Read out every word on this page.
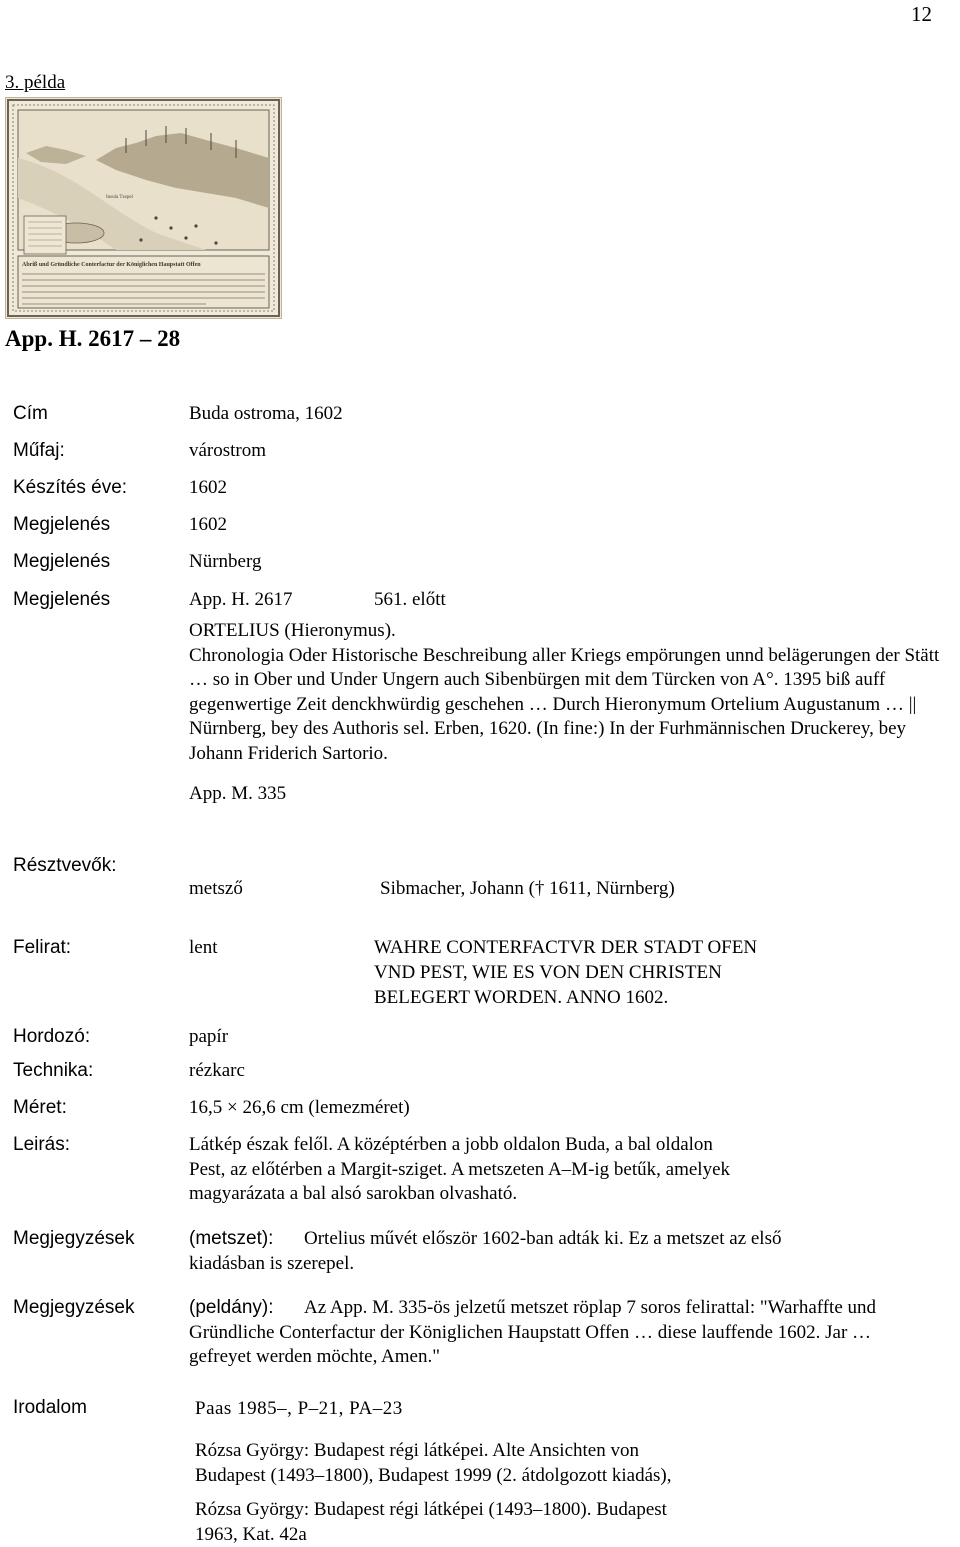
12
3. példa
Insula Tzepel
Abriß und Gründliche Conterfactur der Königlichen Haupstatt Offen
App. H. 2617 – 28
Cím	Buda ostroma, 1602
Műfaj:	várostrom
Készítés éve:	1602
Megjelenés	1602
Megjelenés	Nürnberg
Megjelenés	App. H. 2617	561. előtt
ORTELIUS (Hieronymus).
Chronologia Oder Historische Beschreibung aller Kriegs empörungen unnd belägerungen der Stätt … so in Ober und Under Ungern auch Sibenbürgen mit dem Türcken von A°. 1395 biß auff gegenwertige Zeit denckhwürdig geschehen … Durch Hieronymum Ortelium Augustanum … || Nürnberg, bey des Authoris sel. Erben, 1620. (In fine:) In der Furhmännischen Druckerey, bey Johann Friderich Sartorio.
App. M. 335
Résztvevők:
metsző	Sibmacher, Johann († 1611, Nürnberg)
Felirat:	lent	WAHRE CONTERFACTVR DER STADT OFEN
VND PEST, WIE ES VON DEN CHRISTEN
BELEGERT WORDEN. ANNO 1602.
Hordozó:	papír
Technika:	rézkarc
Méret:	16,5 × 26,6 cm (lemezméret)
Leirás:	Látkép észak felől. A középtérben a jobb oldalon Buda, a bal oldalon
Pest, az előtérben a Margit-sziget. A metszeten A–M-ig betűk, amelyek
magyarázata a bal alsó sarokban olvasható.
Megjegyzések	(metszet): Ortelius művét először 1602-ban adták ki. Ez a metszet az első
kiadásban is szerepel.
Megjegyzések	(peldány): Az App. M. 335-ös jelzetű metszet röplap 7 soros felirattal: "Warhaffte und
Gründliche Conterfactur der Königlichen Haupstatt Offen … diese lauffende 1602. Jar …
gefreyet werden möchte, Amen."
Irodalom	Paas 1985–, P–21, PA–23
Rózsa György: Budapest régi látképei. Alte Ansichten von
Budapest (1493–1800), Budapest 1999 (2. átdolgozott kiadás),
Rózsa György: Budapest régi látképei (1493–1800). Budapest
1963, Kat. 42a
